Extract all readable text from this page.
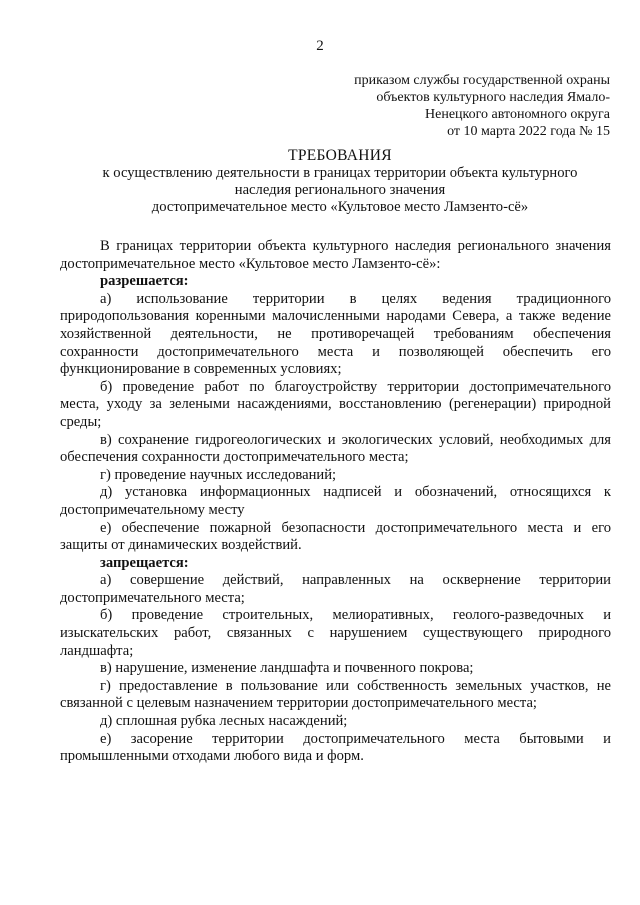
2
приказом службы государственной охраны
объектов культурного наследия Ямало-
Ненецкого автономного округа
от 10 марта 2022 года № 15
ТРЕБОВАНИЯ
к осуществлению деятельности в границах территории объекта культурного
наследия регионального значения
достопримечательное место «Культовое место Ламзенто-сё»

В границах территории объекта культурного наследия регионального значения достопримечательное место «Культовое место Ламзенто-сё»:

разрешается:

а) использование территории в целях ведения традиционного природопользования коренными малочисленными народами Севера, а также ведение хозяйственной деятельности, не противоречащей требованиям обеспечения сохранности достопримечательного места и позволяющей обеспечить его функционирование в современных условиях;

б) проведение работ по благоустройству территории достопримечательного места, уходу за зелеными насаждениями, восстановлению (регенерации) природной среды;

в) сохранение гидрогеологических и экологических условий, необходимых для обеспечения сохранности достопримечательного места;

г) проведение научных исследований;

д) установка информационных надписей и обозначений, относящихся к достопримечательному месту

е) обеспечение пожарной безопасности достопримечательного места и его защиты от динамических воздействий.

запрещается:

а) совершение действий, направленных на осквернение территории достопримечательного места;

б) проведение строительных, мелиоративных, геолого-разведочных и изыскательских работ, связанных с нарушением существующего природного ландшафта;

в) нарушение, изменение ландшафта и почвенного покрова;

г) предоставление в пользование или собственность земельных участков, не связанной с целевым назначением территории достопримечательного места;

д) сплошная рубка лесных насаждений;

е) засорение территории достопримечательного места бытовыми и промышленными отходами любого вида и форм.
